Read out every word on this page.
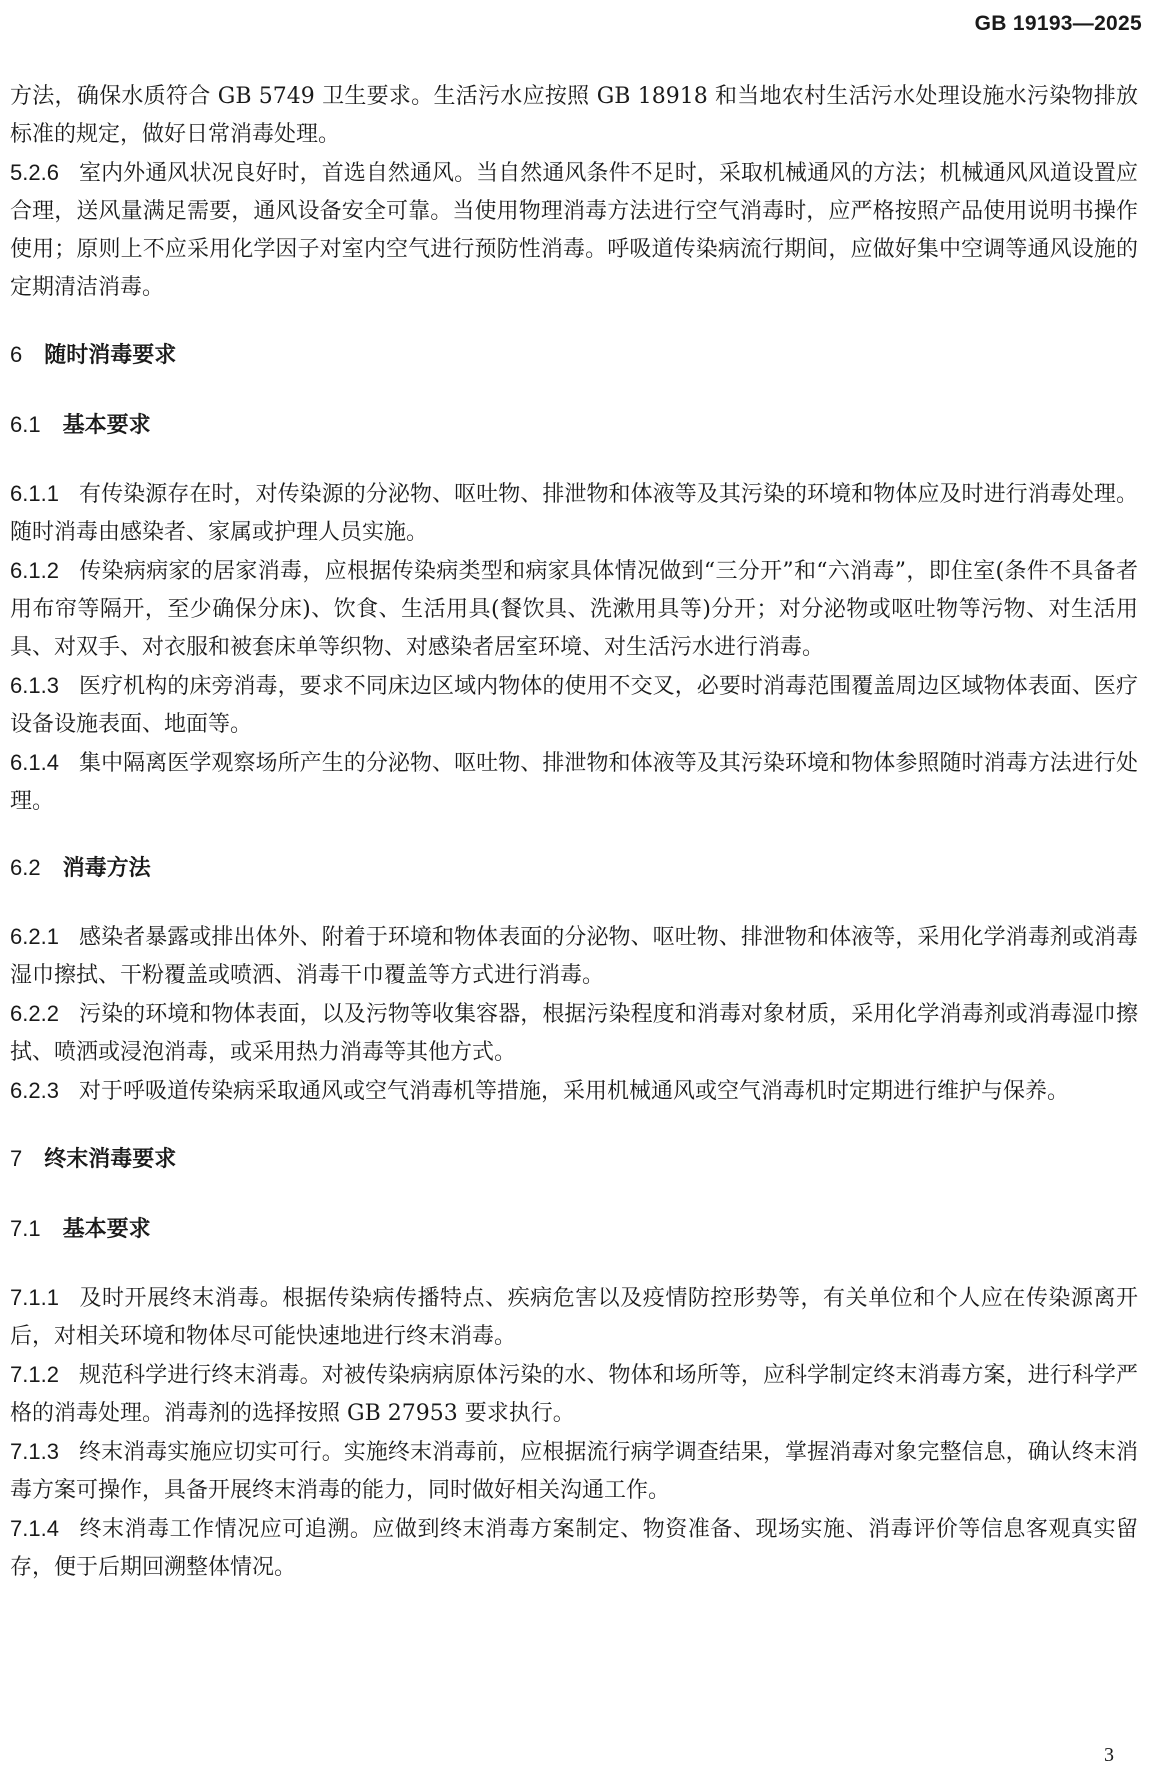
GB 19193—2025

方法，确保水质符合 GB 5749 卫生要求。生活污水应按照 GB 18918 和当地农村生活污水处理设施水污染物排放标准的规定，做好日常消毒处理。

5.2.6 室内外通风状况良好时，首选自然通风。当自然通风条件不足时，采取机械通风的方法；机械通风风道设置应合理，送风量满足需要，通风设备安全可靠。当使用物理消毒方法进行空气消毒时，应严格按照产品使用说明书操作使用；原则上不应采用化学因子对室内空气进行预防性消毒。呼吸道传染病流行期间，应做好集中空调等通风设施的定期清洁消毒。

6 随时消毒要求
6.1 基本要求

6.1.1 有传染源存在时，对传染源的分泌物、呕吐物、排泄物和体液等及其污染的环境和物体应及时进行消毒处理。随时消毒由感染者、家属或护理人员实施。

6.1.2 传染病病家的居家消毒，应根据传染病类型和病家具体情况做到“三分开”和“六消毒”，即住室(条件不具备者用布帘等隔开，至少确保分床)、饮食、生活用具(餐饮具、洗漱用具等)分开；对分泌物或呕吐物等污物、对生活用具、对双手、对衣服和被套床单等织物、对感染者居室环境、对生活污水进行消毒。

6.1.3 医疗机构的床旁消毒，要求不同床边区域内物体的使用不交叉，必要时消毒范围覆盖周边区域物体表面、医疗设备设施表面、地面等。

6.1.4 集中隔离医学观察场所产生的分泌物、呕吐物、排泄物和体液等及其污染环境和物体参照随时消毒方法进行处理。

6.2 消毒方法

6.2.1 感染者暴露或排出体外、附着于环境和物体表面的分泌物、呕吐物、排泄物和体液等，采用化学消毒剂或消毒湿巾擦拭、干粉覆盖或喷洒、消毒干巾覆盖等方式进行消毒。

6.2.2 污染的环境和物体表面，以及污物等收集容器，根据污染程度和消毒对象材质，采用化学消毒剂或消毒湿巾擦拭、喷洒或浸泡消毒，或采用热力消毒等其他方式。

6.2.3 对于呼吸道传染病采取通风或空气消毒机等措施，采用机械通风或空气消毒机时定期进行维护与保养。

7 终末消毒要求
7.1 基本要求

7.1.1 及时开展终末消毒。根据传染病传播特点、疾病危害以及疫情防控形势等，有关单位和个人应在传染源离开后，对相关环境和物体尽可能快速地进行终末消毒。

7.1.2 规范科学进行终末消毒。对被传染病病原体污染的水、物体和场所等，应科学制定终末消毒方案，进行科学严格的消毒处理。消毒剂的选择按照 GB 27953 要求执行。

7.1.3 终末消毒实施应切实可行。实施终末消毒前，应根据流行病学调查结果，掌握消毒对象完整信息，确认终末消毒方案可操作，具备开展终末消毒的能力，同时做好相关沟通工作。

7.1.4 终末消毒工作情况应可追溯。应做到终末消毒方案制定、物资准备、现场实施、消毒评价等信息客观真实留存，便于后期回溯整体情况。

3
